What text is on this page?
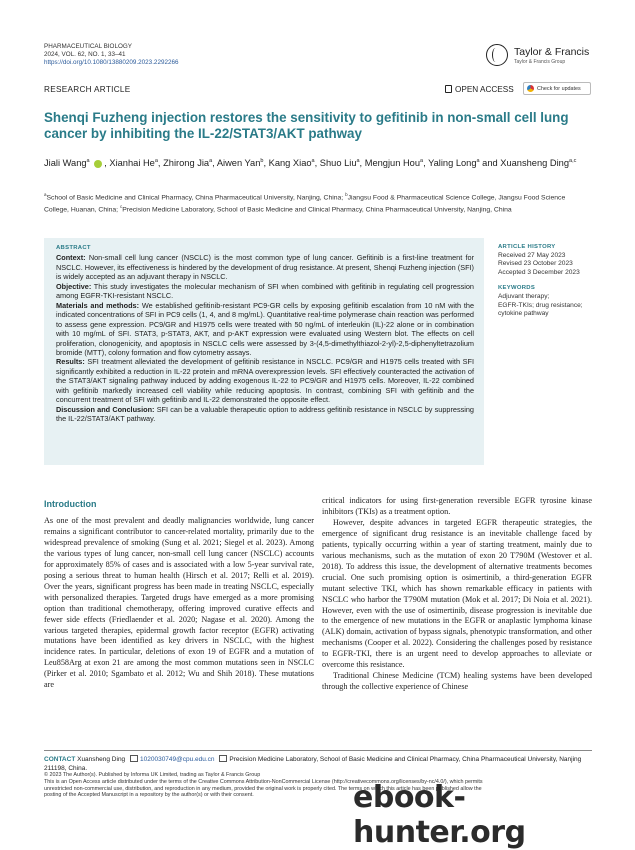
PHARMACEUTICAL BIOLOGY
2024, VOL. 62, NO. 1, 33–41
https://doi.org/10.1080/13880209.2023.2292266
Taylor & Francis
Taylor & Francis Group
RESEARCH ARTICLE	OPEN ACCESS	Check for updates
Shenqi Fuzheng injection restores the sensitivity to gefitinib in non-small cell lung cancer by inhibiting the IL-22/STAT3/AKT pathway
Jiali Wang$^a$ , Xianhai He$^a$, Zhirong Jia$^a$, Aiwen Yan$^b$, Kang Xiao$^a$, Shuo Liu$^a$, Mengjun Hou$^a$, Yaling Long$^a$ and Xuansheng Ding$^{a,c}$
$^a$School of Basic Medicine and Clinical Pharmacy, China Pharmaceutical University, Nanjing, China; $^b$Jiangsu Food & Pharmaceutical Science College, Jiangsu Food Science College, Huanan, China; $^c$Precision Medicine Laboratory, School of Basic Medicine and Clinical Pharmacy, China Pharmaceutical University, Nanjing, China
ABSTRACT

Context: Non-small cell lung cancer (NSCLC) is the most common type of lung cancer. Gefitinib is a first-line treatment for NSCLC. However, its effectiveness is hindered by the development of drug resistance. At present, Shenqi Fuzheng injection (SFI) is widely accepted as an adjuvant therapy in NSCLC.

Objective: This study investigates the molecular mechanism of SFI when combined with gefitinib in regulating cell progression among EGFR-TKI-resistant NSCLC.

Materials and methods: We established gefitinib-resistant PC9-GR cells by exposing gefitinib escalation from 10 nM with the indicated concentrations of SFI in PC9 cells (1, 4, and 8 mg/mL). Quantitative real-time polymerase chain reaction was performed to assess gene expression. PC9/GR and H1975 cells were treated with 50 ng/mL of interleukin (IL)-22 alone or in combination with 10 mg/mL of SFI. STAT3, p-STAT3, AKT, and p-AKT expression were evaluated using Western blot. The effects on cell proliferation, clonogenicity, and apoptosis in NSCLC cells were assessed by 3-(4,5-dimethylthiazol-2-yl)-2,5-diphenyltetrazolium bromide (MTT), colony formation and flow cytometry assays.

Results: SFI treatment alleviated the development of gefitinib resistance in NSCLC. PC9/GR and H1975 cells treated with SFI significantly exhibited a reduction in IL-22 protein and mRNA overexpression levels. SFI effectively counteracted the activation of the STAT3/AKT signaling pathway induced by adding exogenous IL-22 to PC9/GR and H1975 cells. Moreover, IL-22 combined with gefitinib markedly increased cell viability while reducing apoptosis. In contrast, combining SFI with gefitinib and the concurrent treatment of SFI with gefitinib and IL-22 demonstrated the opposite effect.

Discussion and Conclusion: SFI can be a valuable therapeutic option to address gefitinib resistance in NSCLC by suppressing the IL-22/STAT3/AKT pathway.

ARTICLE HISTORY
Received 27 May 2023
Revised 23 October 2023
Accepted 3 December 2023
KEYWORDS
Adjuvant therapy;
EGFR-TKIs; drug resistance;
cytokine pathway
Introduction

As one of the most prevalent and deadly malignancies worldwide, lung cancer remains a significant contributor to cancer-related mortality, primarily due to the widespread prevalence of smoking (Sung et al. 2021; Siegel et al. 2023). Among the various types of lung cancer, non-small cell lung cancer (NSCLC) accounts for approximately 85% of cases and is associated with a low 5-year survival rate, posing a serious threat to human health (Hirsch et al. 2017; Relli et al. 2019). Over the years, significant progress has been made in treating NSCLC, especially with personalized therapies. Targeted drugs have emerged as a more promising option than traditional chemotherapy, offering improved curative effects and fewer side effects (Friedlaender et al. 2020; Nagase et al. 2020). Among the various targeted therapies, epidermal growth factor receptor (EGFR) activating mutations have been identified as key drivers in NSCLC, with the highest incidence rates. In particular, deletions of exon 19 of EGFR and a mutation of Leu858Arg at exon 21 are among the most common mutations seen in NSCLC (Pirker et al. 2010; Sgambato et al. 2012; Wu and Shih 2018). These mutations are

critical indicators for using first-generation reversible EGFR tyrosine kinase inhibitors (TKIs) as a treatment option.

However, despite advances in targeted EGFR therapeutic strategies, the emergence of significant drug resistance is an inevitable challenge faced by patients, typically occurring within a year of starting treatment, mainly due to various mechanisms, such as the mutation of exon 20 T790M (Westover et al. 2018). To address this issue, the development of alternative treatments becomes crucial. One such promising option is osimertinib, a third-generation EGFR mutant selective TKI, which has shown remarkable efficacy in patients with NSCLC who harbor the T790M mutation (Mok et al. 2017; Di Noia et al. 2021). However, even with the use of osimertinib, disease progression is inevitable due to the emergence of new mutations in the EGFR or anaplastic lymphoma kinase (ALK) domain, activation of bypass signals, phenotypic transformation, and other mechanisms (Cooper et al. 2022). Considering the challenges posed by resistance to EGFR-TKI, there is an urgent need to develop approaches to alleviate or overcome this resistance.

Traditional Chinese Medicine (TCM) healing systems have been developed through the collective experience of Chinese

CONTACT Xuansheng Ding 1020030749@cpu.edu.cn Precision Medicine Laboratory, School of Basic Medicine and Clinical Pharmacy, China Pharmaceutical University, Nanjing 211198, China.
© 2023 The Author(s). Published by Informa UK Limited, trading as Taylor & Francis Group
This is an Open Access article distributed under the terms of the Creative Commons Attribution-NonCommercial License (http://creativecommons.org/licenses/by-nc/4.0/), which permits
unrestricted non-commercial use, distribution, and reproduction in any medium, provided the original work is properly cited. The terms on which this article has been published allow the
posting of the Accepted Manuscript in a repository by the author(s) or with their consent.	ebook-hunter.org
